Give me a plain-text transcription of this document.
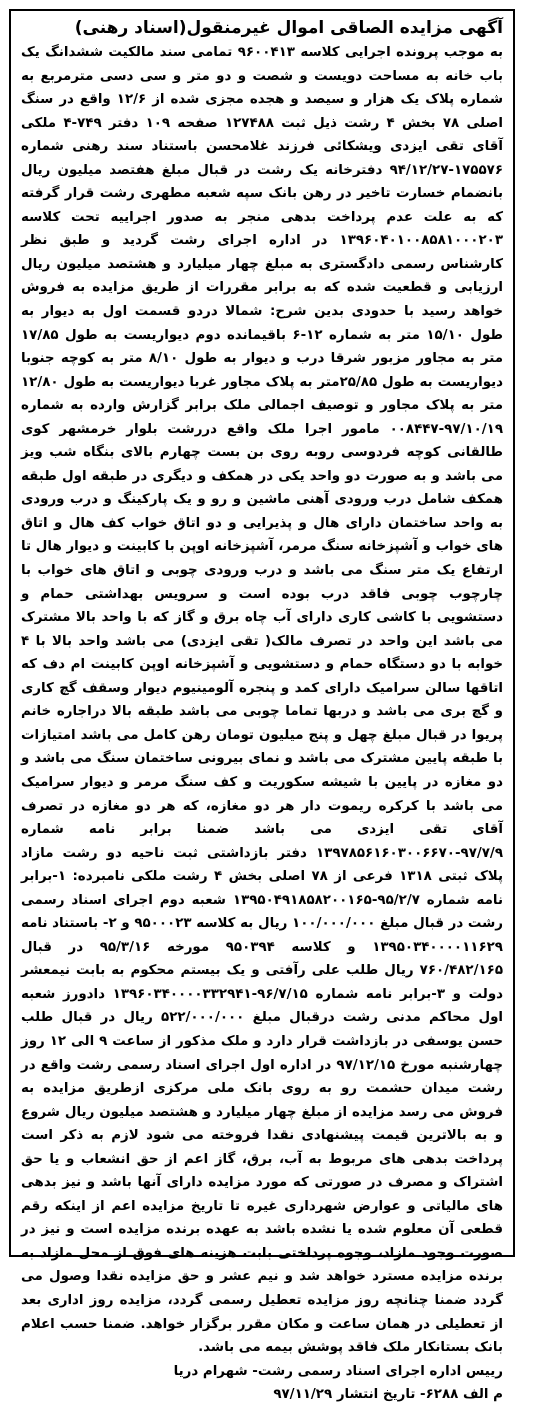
آگهی مزایده الصاقی اموال غیرمنقول(اسناد رهنی)

به موجب پرونده اجرایی کلاسه ۹۶۰۰۴۱۳ تمامی سند مالکیت ششدانگ یک باب خانه به مساحت دویست و شصت و دو متر و سی دسی مترمربع به شماره پلاک یک هزار و سیصد و هجده مجزی شده از ۱۲/۶ واقع در سنگ اصلی ۷۸ بخش ۴ رشت ذیل ثبت ۱۲۷۴۸۸ صفحه ۱۰۹ دفتر ۷۴۹-۴ ملکی آقای تقی ایزدی ویشکائی فرزند غلامحسن باستناد سند رهنی شماره ۱۷۵۵۷۶-۹۴/۱۲/۲۷ دفترخانه یک رشت در قبال مبلغ هفتصد میلیون ریال بانضمام خسارت تاخیر در رهن بانک سپه شعبه مطهری رشت قرار گرفته که به علت عدم پرداخت بدهی منجر به صدور اجراییه تحت کلاسه ۱۳۹۶۰۴۰۱۰۰۸۵۸۱۰۰۰۲۰۳ در اداره اجرای رشت گردید و طبق نظر کارشناس رسمی دادگستری به مبلغ چهار میلیارد و هشتصد میلیون ریال ارزیابی و قطعیت شده که به برابر مقررات از طریق مزایده به فروش خواهد رسید با حدودی بدین شرح: شمالا دردو قسمت اول به دیوار به طول ۱۵/۱۰ متر به شماره ۱۲-۶ باقیمانده دوم دیواریست به طول ۱۷/۸۵ متر به مجاور مزبور شرقا درب و دیوار به طول ۸/۱۰ متر به کوچه جنوبا دیواریست به طول ۲۵/۸۵متر به پلاک مجاور غربا دیواریست به طول ۱۲/۸۰ متر به پلاک مجاور و توصیف اجمالی ملک برابر گزارش وارده به شماره ۹۷/۱۰/۱۹-۰۰۸۴۴۷ مامور اجرا ملک واقع دررشت بلوار خرمشهر کوی طالقانی کوچه فردوسی روبه روی بن بست چهارم بالای بنگاه شب ویز می باشد و به صورت دو واحد یکی در همکف و دیگری در طبقه اول طبقه همکف شامل درب ورودی آهنی ماشین و رو و یک پارکینگ و درب ورودی به واحد ساختمان دارای هال و پذیرایی و دو اتاق خواب کف هال و اتاق های خواب و آشپزخانه سنگ مرمر، آشپزخانه اوپن با کابینت و دیوار هال تا ارتفاع یک متر سنگ می باشد و درب ورودی چوبی و اتاق های خواب با چارچوب چوبی فاقد درب بوده است و سرویس بهداشتی حمام و دستشویی با کاشی کاری دارای آب چاه برق و گاز که با واحد بالا مشترک می باشد این واحد در تصرف مالک( تقی ایزدی) می باشد واحد بالا با ۴ خوابه با دو دستگاه حمام و دستشویی و آشپزخانه اوپن کابینت ام دف که اتاقها سالن سرامیک دارای کمد و پنجره آلومینیوم دیوار وسقف گچ کاری و گچ بری می باشد و دربها تماما چوبی می باشد طبقه بالا دراجاره خانم پریوا در قبال مبلغ چهل و پنج میلیون تومان رهن کامل می باشد امتیازات با طبقه پایین مشترک می باشد و نمای بیرونی ساختمان سنگ می باشد و دو مغازه در پایین با شیشه سکوریت و کف سنگ مرمر و دیوار سرامیک می باشد با کرکره ریموت دار هر دو مغازه، که هر دو مغازه در تصرف آقای تقی ایزدی می باشد ضمنا برابر نامه شماره ۹۷/۷/۹-۱۳۹۷۸۵۶۱۶۰۳۰۰۶۶۷۰ دفتر بازداشتی ثبت ناحیه دو رشت مازاد پلاک ثبتی ۱۳۱۸ فرعی از ۷۸ اصلی بخش ۴ رشت ملکی نامبرده: ۱-برابر نامه شماره ۹۵/۲/۷-۱۳۹۵۰۴۹۱۸۵۸۲۰۰۱۶۵ شعبه دوم اجرای اسناد رسمی رشت در قبال مبلغ ۱۰۰/۰۰۰/۰۰۰ ریال به کلاسه ۹۵۰۰۰۲۳ و ۲- باستناد نامه ۱۳۹۵۰۳۴۰۰۰۰۱۱۶۲۹ و کلاسه ۹۵۰۳۹۴ مورخه ۹۵/۳/۱۶ در قبال ۷۶۰/۴۸۲/۱۶۵ ریال طلب علی رآفتی و یک بیستم محکوم به بابت نیمعشر دولت و ۳-برابر نامه شماره ۹۶/۷/۱۵-۱۳۹۶۰۳۴۰۰۰۰۳۳۲۹۴۱ دادورز شعبه اول محاکم مدنی رشت درقبال مبلغ ۵۲۲/۰۰۰/۰۰۰ ریال در قبال طلب حسن یوسفی در بازداشت قرار دارد و ملک مذکور از ساعت ۹ الی ۱۲ روز چهارشنبه مورخ ۹۷/۱۲/۱۵ در اداره اول اجرای اسناد رسمی رشت واقع در رشت میدان حشمت رو به روی بانک ملی مرکزی ازطریق مزایده به فروش می رسد مزایده از مبلغ چهار میلیارد و هشتصد میلیون ریال شروع و به بالاترین قیمت پیشنهادی نقدا فروخته می شود لازم به ذکر است پرداخت بدهی های مربوط به آب، برق، گاز اعم از حق انشعاب و یا حق اشتراک و مصرف در صورتی که مورد مزایده دارای آنها باشد و نیز بدهی های مالیاتی و عوارض شهرداری غیره تا تاریخ مزایده اعم از اینکه رقم قطعی آن معلوم شده یا نشده باشد به عهده برنده مزایده است و نیز در صورت وجود مازاد، وجوه پرداختی بابت هزینه های فوق از محل مازاد به برنده مزایده مسترد خواهد شد و نیم عشر و حق مزایده نقدا وصول می گردد ضمنا چنانچه روز مزایده تعطیل رسمی گردد، مزایده روز اداری بعد از تعطیلی در همان ساعت و مکان مقرر برگزار خواهد. ضمنا حسب اعلام بانک بستانکار ملک فاقد پوشش بیمه می باشد.

رییس اداره اجرای اسناد رسمی رشت- شهرام دریا

م الف ۶۲۸۸- تاریخ انتشار ۹۷/۱۱/۲۹
